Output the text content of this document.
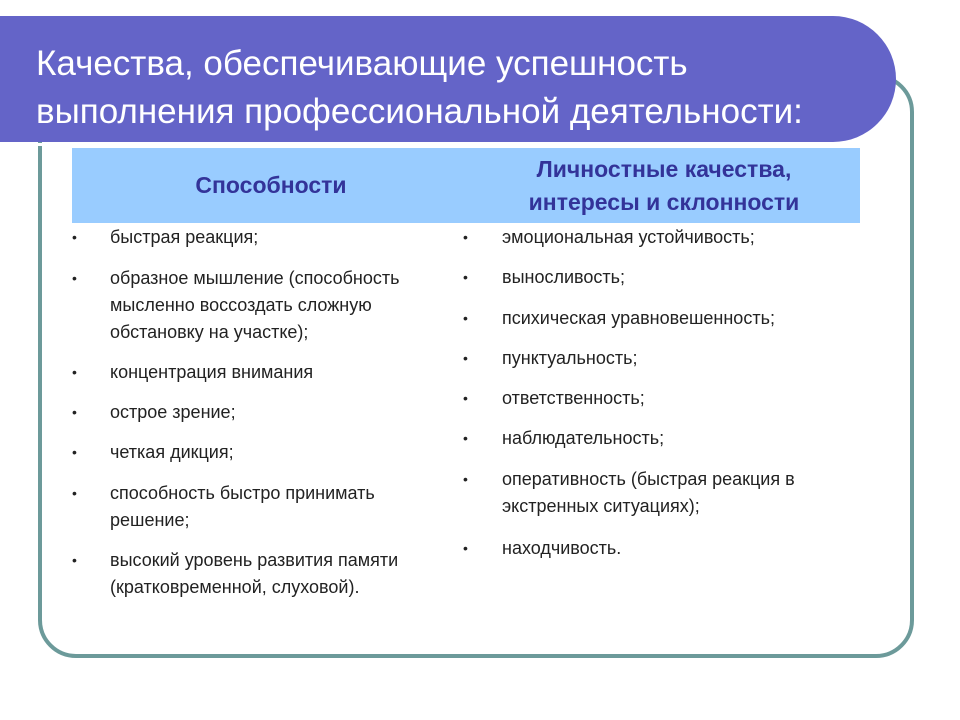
Качества, обеспечивающие успешность
выполнения профессиональной деятельности:
Способности
Личностные качества,
интересы и склонности
• быстрая реакция;
• образное мышление (способность
мысленно воссоздать сложную
обстановку на участке);
• концентрация внимания
• острое зрение;
• четкая дикция;
• способность быстро принимать
решение;
• высокий уровень развития памяти
(кратковременной, слуховой).
• эмоциональная устойчивость;
• выносливость;
• психическая уравновешенность;
• пунктуальность;
• ответственность;
• наблюдательность;
• оперативность (быстрая реакция в
экстренных ситуациях);
• находчивость.
